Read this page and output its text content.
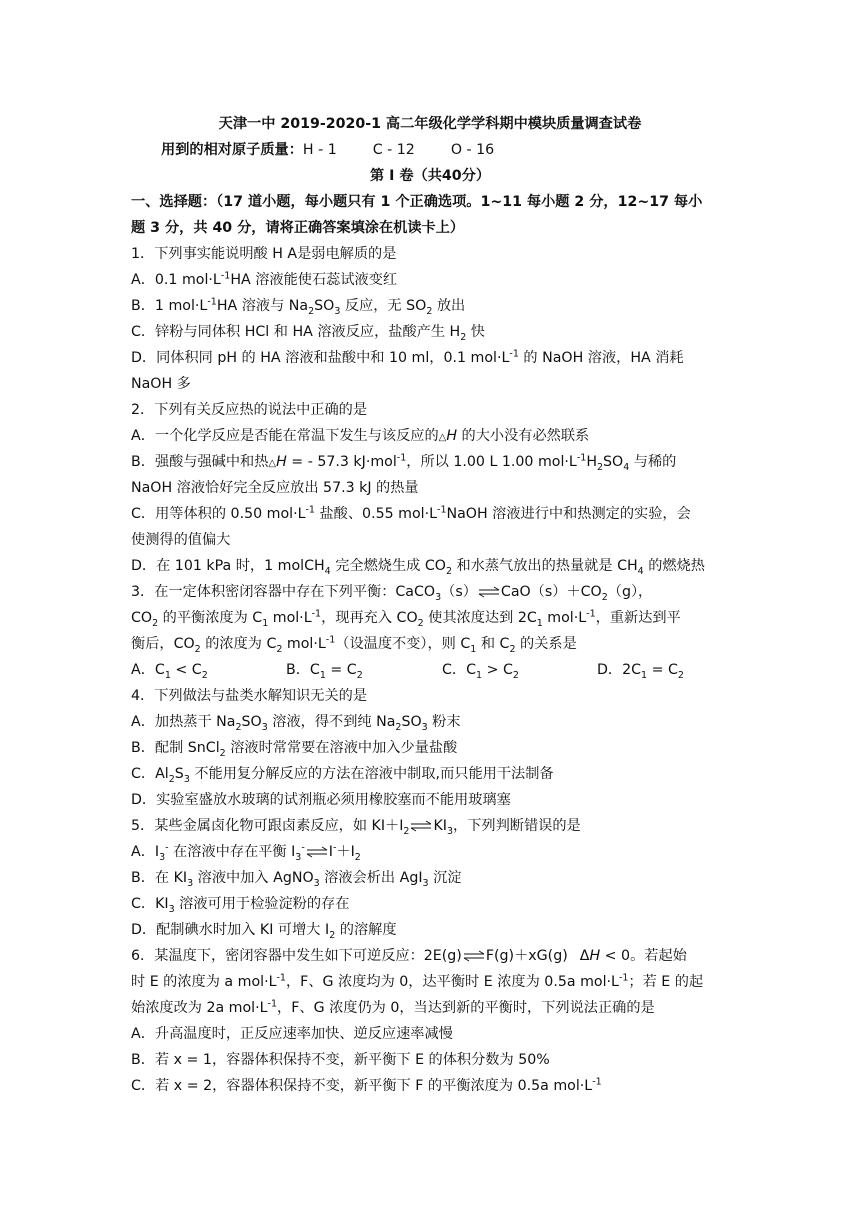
天津一中 2019-2020-1 高二年级化学学科期中模块质量调查试卷
用到的相对原子质量：H - 1	C - 12	O - 16
第 I 卷（共40分）
一、选择题：（17 道小题，每小题只有 1 个正确选项。1~11 每小题 2 分，12~17 每小
题 3 分，共 40 分，请将正确答案填涂在机读卡上）
1．下列事实能说明酸 H A是弱电解质的是
A．0.1 $mol\cdot L^{-1}HA$ 溶液能使石蕊试液变红
B．1 $mol\cdot L^{-1}HA$ 溶液与 $Na_2SO_3$ 反应，无 $SO_2$ 放出
C．锌粉与同体积 HCl 和 HA 溶液反应，盐酸产生 $H_2$ 快
D．同体积同 pH 的 HA 溶液和盐酸中和 10 ml，0.1 $mol\cdot L^{-1}$ 的 NaOH 溶液，HA 消耗
NaOH 多
2．下列有关反应热的说法中正确的是
A．一个化学反应是否能在常温下发生与该反应的△H 的大小没有必然联系
B．强酸与强碱中和热△H = - 57.3 kJ·mol$^{-1}$，所以 1.00 L 1.00 $mol\cdot L^{-1}H_2SO_4$ 与稀的
NaOH 溶液恰好完全反应放出 57.3 kJ 的热量
C．用等体积的 0.50 $mol\cdot L^{-1}$ 盐酸、0.55 $mol\cdot L^{-1}NaOH$ 溶液进行中和热测定的实验，会
使测得的值偏大
D．在 101 kPa 时，1 molCH$_4$ 完全燃烧生成 $CO_2$ 和水蒸气放出的热量就是 $CH_4$ 的燃烧热
3．在一定体积密闭容器中存在下列平衡：$CaCO_3(s)\rightleftharpoons CaO(s)+CO_2(g)$，
$CO_2$ 的平衡浓度为 $C_1$ $mol\cdot L^{-1}$，现再充入 $CO_2$ 使其浓度达到 $2C_1$ $mol\cdot L^{-1}$，重新达到平
衡后，$CO_2$ 的浓度为 $C_2$ $mol\cdot L^{-1}$（设温度不变），则 $C_1$ 和 $C_2$ 的关系是
A．$C_1 < C_2$	B．$C_1 = C_2$	C．$C_1 > C_2$	D．$2C_1 = C_2$
4．下列做法与盐类水解知识无关的是
A．加热蒸干 $Na_2SO_3$ 溶液，得不到纯 $Na_2SO_3$ 粉末
B．配制 SnCl$_2$ 溶液时常常要在溶液中加入少量盐酸
C．$Al_2S_3$ 不能用复分解反应的方法在溶液中制取,而只能用干法制备
D．实验室盛放水玻璃的试剂瓶必须用橡胶塞而不能用玻璃塞
5．某些金属卤化物可跟卤素反应，如 $KI+I_2\rightleftharpoons KI_3$，下列判断错误的是
A．$I_3^-$ 在溶液中存在平衡 $I_3^-\rightleftharpoons I^-+I_2$
B．在 $KI_3$ 溶液中加入 AgNO$_3$ 溶液会析出 AgI$_3$ 沉淀
C．$KI_3$ 溶液可用于检验淀粉的存在
D．配制碘水时加入 KI 可增大 $I_2$ 的溶解度
6．某温度下，密闭容器中发生如下可逆反应：2E(g)⇌F(g)＋xG(g) ΔH < 0。若起始
时 E 的浓度为 a $mol\cdot L^{-1}$，F、G 浓度均为 0，达平衡时 E 浓度为 0.5a $mol\cdot L^{-1}$；若 E 的起
始浓度改为 2a $mol\cdot L^{-1}$，F、G 浓度仍为 0，当达到新的平衡时，下列说法正确的是
A．升高温度时，正反应速率加快、逆反应速率减慢
B．若 x = 1，容器体积保持不变，新平衡下 E 的体积分数为 50%
C．若 x = 2，容器体积保持不变，新平衡下 F 的平衡浓度为 0.5a $mol\cdot L^{-1}$
